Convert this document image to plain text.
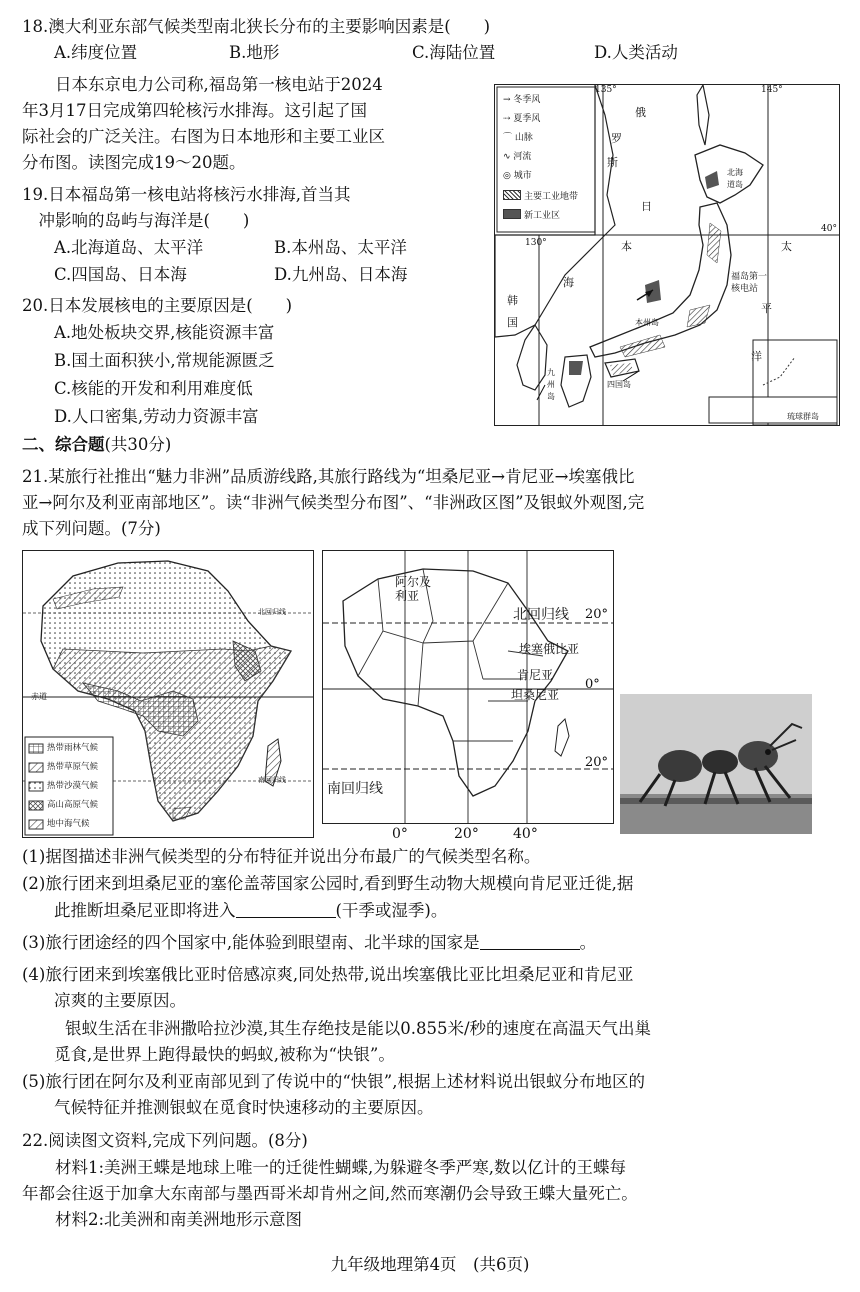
18.澳大利亚东部气候类型南北狭长分布的主要影响因素是(　　)
A.纬度位置	B.地形	C.海陆位置	D.人类活动
　　日本东京电力公司称,福岛第一核电站于2024
年3月17日完成第四轮核污水排海。这引起了国
际社会的广泛关注。右图为日本地形和主要工业区
分布图。读图完成19～20题。
19.日本福岛第一核电站将核污水排海,首当其
　冲影响的岛屿与海洋是(　　)
A.北海道岛、太平洋	B.本州岛、太平洋
C.四国岛、日本海	D.九州岛、日本海
20.日本发展核电的主要原因是(　　)
A.地处板块交界,核能资源丰富
B.国土面积狭小,常规能源匮乏
C.核能的开发和利用难度低
D.人口密集,劳动力资源丰富
→ 冬季风
⇢ 夏季风
⌒ 山脉
∿ 河流
◎ 城市
主要工业地带
新工业区
135°	145°
130°
40°
俄
罗
斯
日
本
海
韩
国
北海道岛
太
平
洋
福岛第一核电站
本州岛
四国岛
九州岛
琉球群岛
二、综合题(共30分)
21.某旅行社推出“魅力非洲”品质游线路,其旅行路线为“坦桑尼亚→肯尼亚→埃塞俄比
亚→阿尔及利亚南部地区”。读“非洲气候类型分布图”、“非洲政区图”及银蚁外观图,完
成下列问题。(7分)
北回归线
赤道
南回归线
热带雨林气候
热带草原气候
热带沙漠气候
高山高原气候
地中海气候
阿尔及利亚
埃塞俄比亚
肯尼亚
坦桑尼亚
北回归线
南回归线
20°
0°
20°
0°	20° 40°
(1)据图描述非洲气候类型的分布特征并说出分布最广的气候类型名称。
(2)旅行团来到坦桑尼亚的塞伦盖蒂国家公园时,看到野生动物大规模向肯尼亚迁徙,据
此推断坦桑尼亚即将进入	(干季或湿季)。
(3)旅行团途经的四个国家中,能体验到眼望南、北半球的国家是	。
(4)旅行团来到埃塞俄比亚时倍感凉爽,同处热带,说出埃塞俄比亚比坦桑尼亚和肯尼亚
凉爽的主要原因。
　　银蚁生活在非洲撒哈拉沙漠,其生存绝技是能以0.855米/秒的速度在高温天气出巢
觅食,是世界上跑得最快的蚂蚁,被称为“快银”。
(5)旅行团在阿尔及利亚南部见到了传说中的“快银”,根据上述材料说出银蚁分布地区的
气候特征并推测银蚁在觅食时快速移动的主要原因。
22.阅读图文资料,完成下列问题。(8分)
　　材料1:美洲王蝶是地球上唯一的迁徙性蝴蝶,为躲避冬季严寒,数以亿计的王蝶每
年都会往返于加拿大东南部与墨西哥米却肯州之间,然而寒潮仍会导致王蝶大量死亡。
　　材料2:北美洲和南美洲地形示意图
九年级地理第4页　(共6页)
